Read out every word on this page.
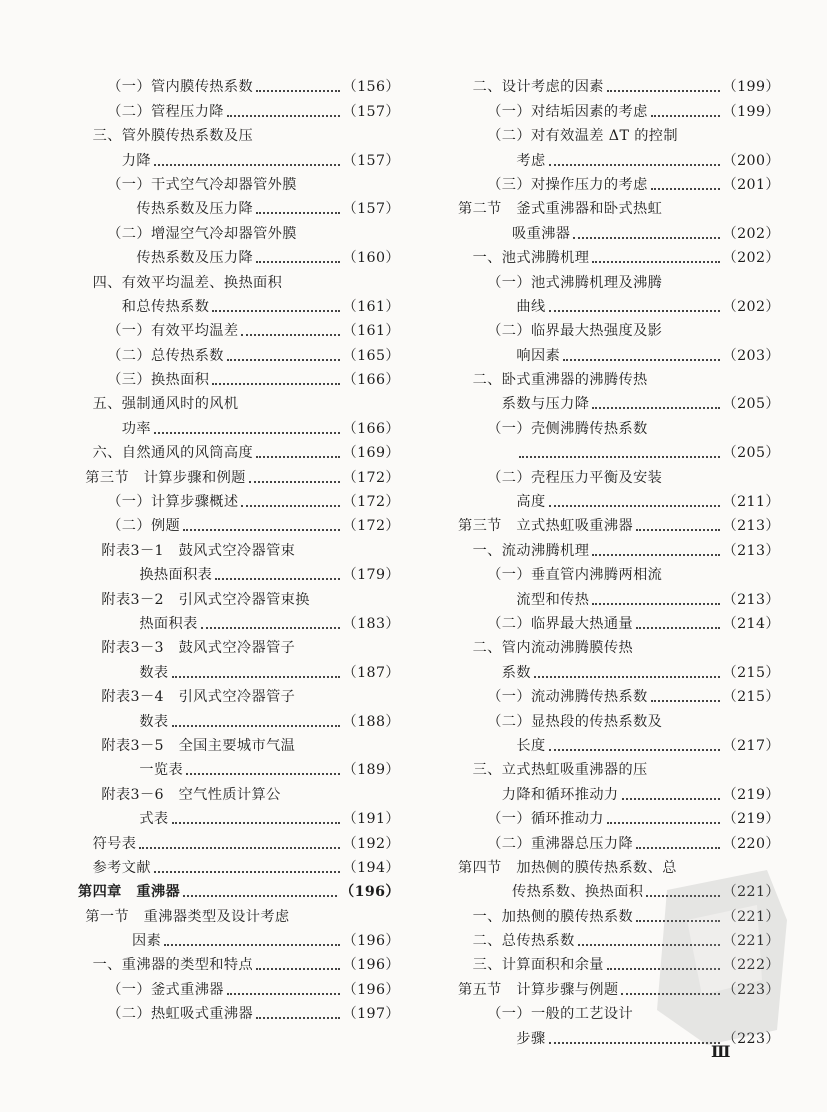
（一）管内膜传热系数	（156）
（二）管程压力降	（157）
三、管外膜传热系数及压
力降	（157）
（一）干式空气冷却器管外膜
传热系数及压力降	（157）
（二）增湿空气冷却器管外膜
传热系数及压力降	（160）
四、有效平均温差、换热面积
和总传热系数	（161）
（一）有效平均温差	（161）
（二）总传热系数	（165）
（三）换热面积	（166）
五、强制通风时的风机
功率	（166）
六、自然通风的风筒高度	（169）
第三节　计算步骤和例题	（172）
（一）计算步骤概述	（172）
（二）例题	（172）
附表3－1　鼓风式空冷器管束
换热面积表	（179）
附表3－2　引风式空冷器管束换
热面积表	（183）
附表3－3　鼓风式空冷器管子
数表	（187）
附表3－4　引风式空冷器管子
数表	（188）
附表3－5　全国主要城市气温
一览表	（189）
附表3－6　空气性质计算公
式表	（191）
符号表	（192）
参考文献	（194）
第四章　重沸器	（196）
第一节　重沸器类型及设计考虑
因素	（196）
一、重沸器的类型和特点	（196）
（一）釜式重沸器	（196）
（二）热虹吸式重沸器	（197）
二、设计考虑的因素	（199）
（一）对结垢因素的考虑	（199）
（二）对有效温差 ΔT 的控制
考虑	（200）
（三）对操作压力的考虑	（201）
第二节　釜式重沸器和卧式热虹
吸重沸器	（202）
一、池式沸腾机理	（202）
（一）池式沸腾机理及沸腾
曲线	（202）
（二）临界最大热强度及影
响因素	（203）
二、卧式重沸器的沸腾传热
系数与压力降	（205）
（一）壳侧沸腾传热系数
（205）
（二）壳程压力平衡及安装
高度	（211）
第三节　立式热虹吸重沸器	（213）
一、流动沸腾机理	（213）
（一）垂直管内沸腾两相流
流型和传热	（213）
（二）临界最大热通量	（214）
二、管内流动沸腾膜传热
系数	（215）
（一）流动沸腾传热系数	（215）
（二）显热段的传热系数及
长度	（217）
三、立式热虹吸重沸器的压
力降和循环推动力	（219）
（一）循环推动力	（219）
（二）重沸器总压力降	（220）
第四节　加热侧的膜传热系数、总
传热系数、换热面积	（221）
一、加热侧的膜传热系数	（221）
二、总传热系数	（221）
三、计算面积和余量	（222）
第五节　计算步骤与例题	（223）
（一）一般的工艺设计
步骤	（223）
Ⅲ
